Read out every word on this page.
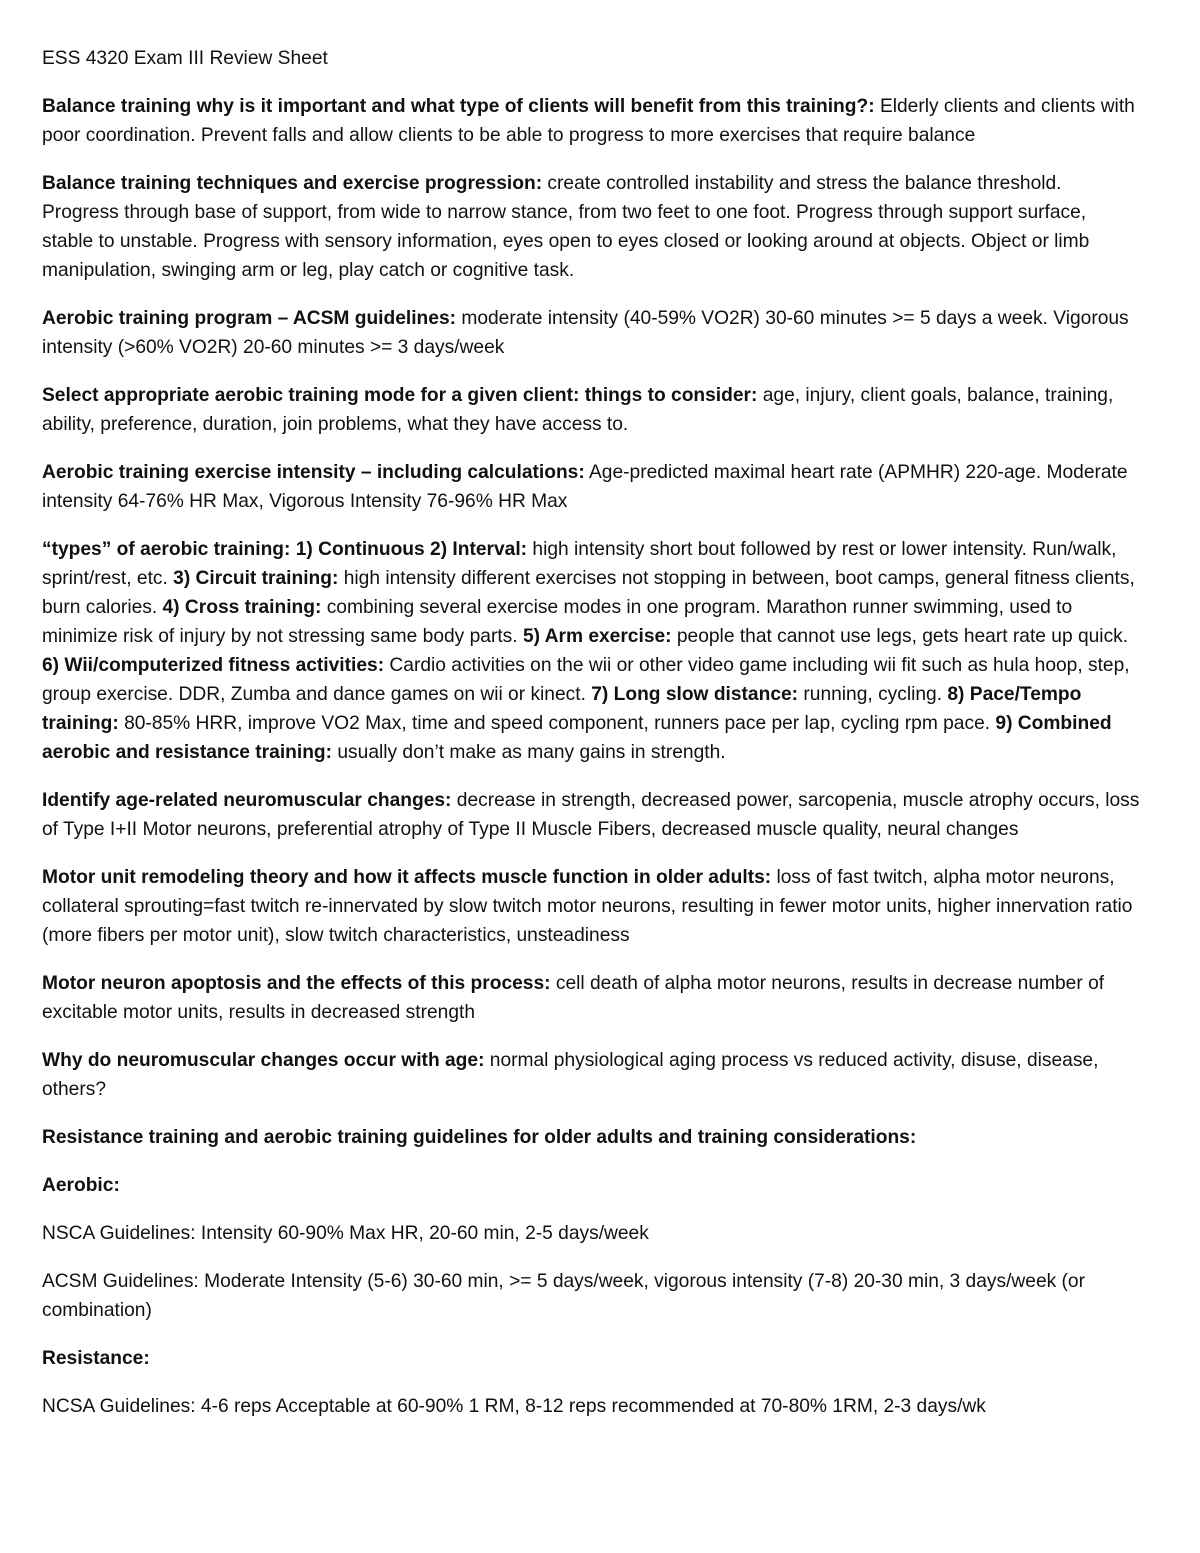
ESS 4320 Exam III Review Sheet

Balance training why is it important and what type of clients will benefit from this training?: Elderly clients and clients with poor coordination. Prevent falls and allow clients to be able to progress to more exercises that require balance

Balance training techniques and exercise progression: create controlled instability and stress the balance threshold. Progress through base of support, from wide to narrow stance, from two feet to one foot. Progress through support surface, stable to unstable. Progress with sensory information, eyes open to eyes closed or looking around at objects. Object or limb manipulation, swinging arm or leg, play catch or cognitive task.

Aerobic training program – ACSM guidelines: moderate intensity (40-59% VO2R) 30-60 minutes >= 5 days a week. Vigorous intensity (>60% VO2R) 20-60 minutes >= 3 days/week

Select appropriate aerobic training mode for a given client: things to consider: age, injury, client goals, balance, training, ability, preference, duration, join problems, what they have access to.

Aerobic training exercise intensity – including calculations: Age-predicted maximal heart rate (APMHR) 220-age. Moderate intensity 64-76% HR Max, Vigorous Intensity 76-96% HR Max

“types” of aerobic training: 1) Continuous 2) Interval: high intensity short bout followed by rest or lower intensity. Run/walk, sprint/rest, etc. 3) Circuit training: high intensity different exercises not stopping in between, boot camps, general fitness clients, burn calories. 4) Cross training: combining several exercise modes in one program. Marathon runner swimming, used to minimize risk of injury by not stressing same body parts. 5) Arm exercise: people that cannot use legs, gets heart rate up quick. 6) Wii/computerized fitness activities: Cardio activities on the wii or other video game including wii fit such as hula hoop, step, group exercise. DDR, Zumba and dance games on wii or kinect. 7) Long slow distance: running, cycling. 8) Pace/Tempo training: 80-85% HRR, improve VO2 Max, time and speed component, runners pace per lap, cycling rpm pace. 9) Combined aerobic and resistance training: usually don’t make as many gains in strength.

Identify age-related neuromuscular changes: decrease in strength, decreased power, sarcopenia, muscle atrophy occurs, loss of Type I+II Motor neurons, preferential atrophy of Type II Muscle Fibers, decreased muscle quality, neural changes

Motor unit remodeling theory and how it affects muscle function in older adults: loss of fast twitch, alpha motor neurons, collateral sprouting=fast twitch re-innervated by slow twitch motor neurons, resulting in fewer motor units, higher innervation ratio (more fibers per motor unit), slow twitch characteristics, unsteadiness

Motor neuron apoptosis and the effects of this process: cell death of alpha motor neurons, results in decrease number of excitable motor units, results in decreased strength

Why do neuromuscular changes occur with age: normal physiological aging process vs reduced activity, disuse, disease, others?

Resistance training and aerobic training guidelines for older adults and training considerations:

Aerobic:

NSCA Guidelines: Intensity 60-90% Max HR, 20-60 min, 2-5 days/week

ACSM Guidelines: Moderate Intensity (5-6) 30-60 min, >= 5 days/week, vigorous intensity (7-8) 20-30 min, 3 days/week (or combination)

Resistance:

NCSA Guidelines: 4-6 reps Acceptable at 60-90% 1 RM, 8-12 reps recommended at 70-80% 1RM, 2-3 days/wk
